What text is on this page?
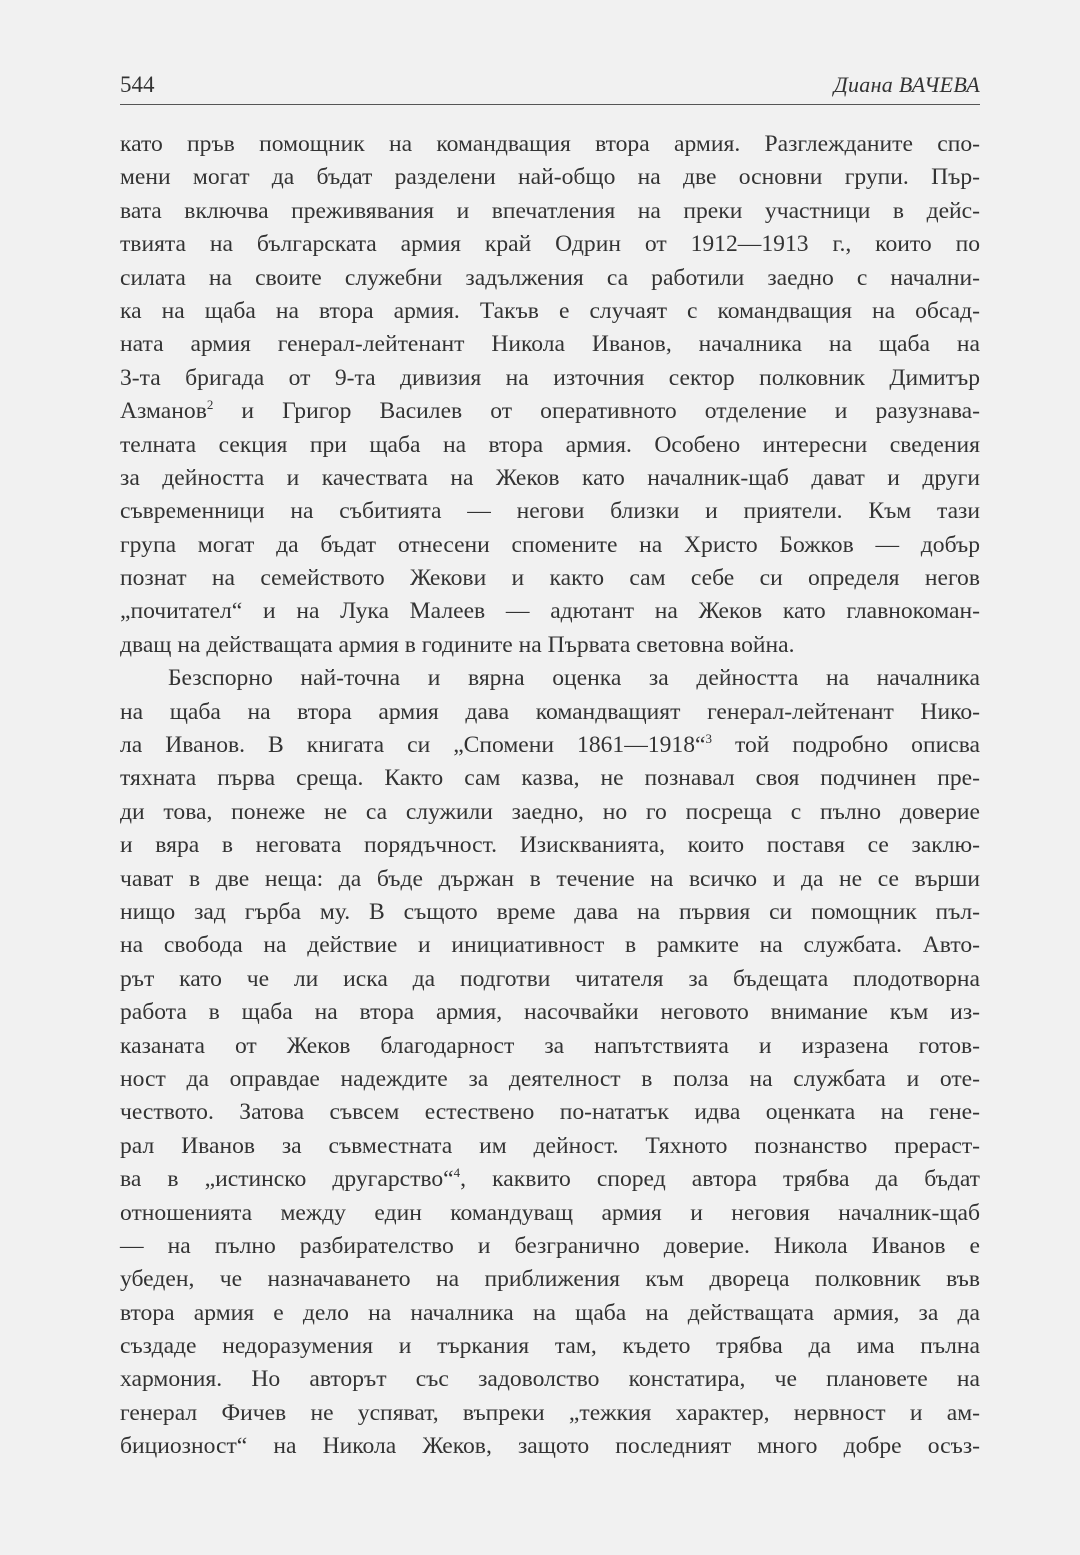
544	Диана ВАЧЕВА
като пръв помощник на командващия втора армия. Разглежданите спо-
мени могат да бъдат разделени най-общо на две основни групи. Пър-
вата включва преживявания и впечатления на преки участници в дейс-
твията на българската армия край Одрин от 1912—1913 г., които по
силата на своите служебни задължения са работили заедно с начални-
ка на щаба на втора армия. Такъв е случаят с командващия на обсад-
ната армия генерал-лейтенант Никола Иванов, началника на щаба на
3-та бригада от 9-та дивизия на източния сектор полковник Димитър
Азманов$^2$ и Григор Василев от оперативното отделение и разузнава-
телната секция при щаба на втора армия. Особено интересни сведения
за дейността и качествата на Жеков като началник-щаб дават и други
съвременници на събитията — негови близки и приятели. Към тази
група могат да бъдат отнесени спомените на Христо Божков — добър
познат на семейството Жекови и както сам себе си определя негов
„почитател“ и на Лука Малеев — адютант на Жеков като главнокоман-
дващ на действащата армия в годините на Първата световна война.
Безспорно най-точна и вярна оценка за дейността на началника
на щаба на втора армия дава командващият генерал-лейтенант Нико-
ла Иванов. В книгата си „Спомени 1861—1918“$^3$ той подробно описва
тяхната първа среща. Както сам казва, не познавал своя подчинен пре-
ди това, понеже не са служили заедно, но го посреща с пълно доверие
и вяра в неговата порядъчност. Изискванията, които поставя се заклю-
чават в две неща: да бъде държан в течение на всичко и да не се върши
нищо зад гърба му. В същото време дава на първия си помощник пъл-
на свобода на действие и инициативност в рамките на службата. Авто-
рът като че ли иска да подготви читателя за бъдещата плодотворна
работа в щаба на втора армия, насочвайки неговото внимание към из-
казаната от Жеков благодарност за напътствията и изразена готов-
ност да оправдае надеждите за деятелност в полза на службата и оте-
чеството. Затова съвсем естествено по-нататък идва оценката на гене-
рал Иванов за съвместната им дейност. Тяхното познанство прераст-
ва в „истинско другарство“$^4$, каквито според автора трябва да бъдат
отношенията между един командуващ армия и неговия началник-щаб
— на пълно разбирателство и безгранично доверие. Никола Иванов е
убеден, че назначаването на приближения към двореца полковник във
втора армия е дело на началника на щаба на действащата армия, за да
създаде недоразумения и търкания там, където трябва да има пълна
хармония. Но авторът със задоволство констатира, че плановете на
генерал Фичев не успяват, въпреки „тежкия характер, нервност и ам-
бициозност“ на Никола Жеков, защото последният много добре осъз-
